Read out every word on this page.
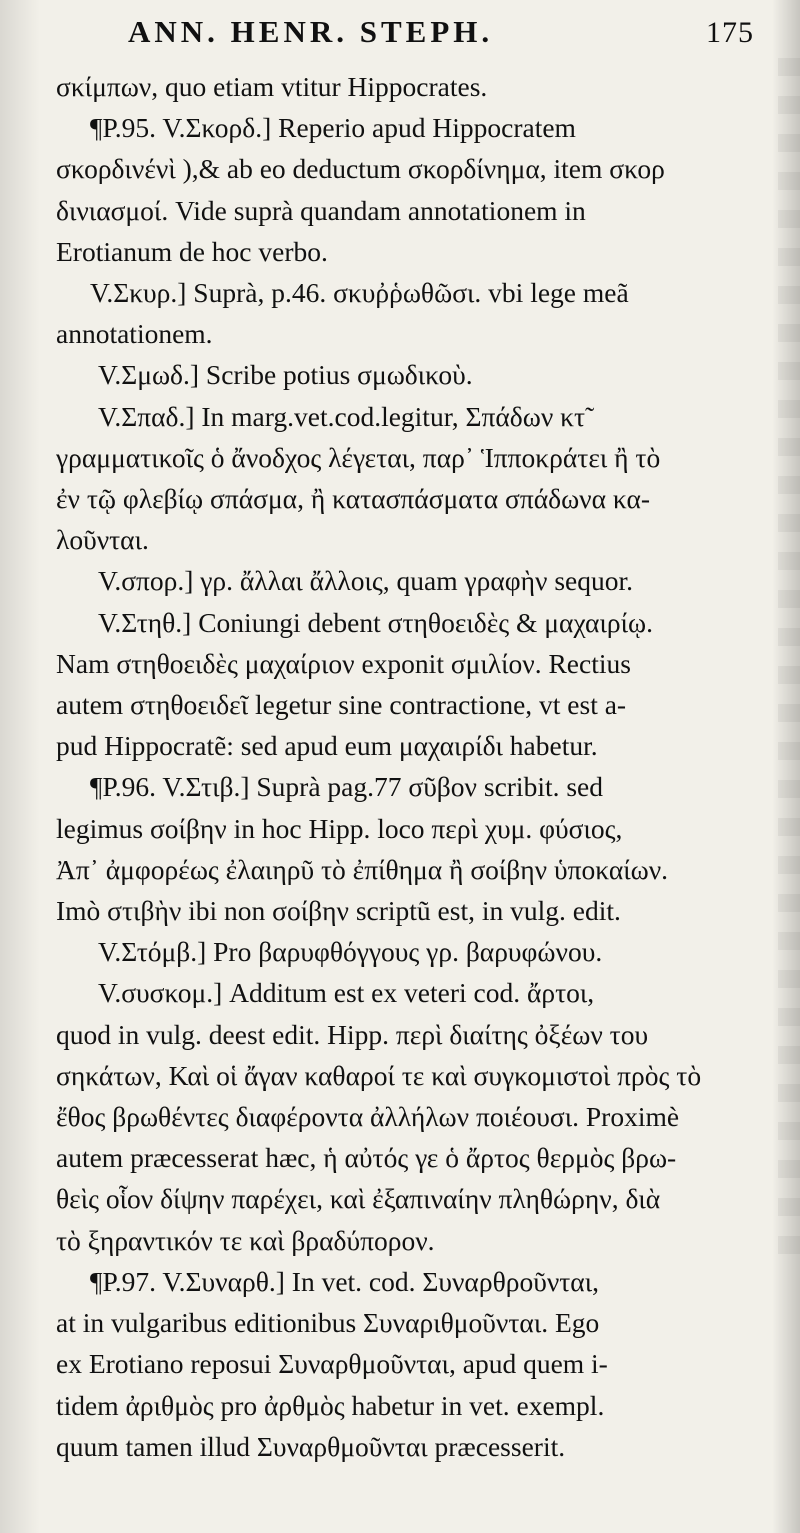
ANN. HENR. STEPH.	175
σκίμπων, quo etiam vtitur Hippocrates.
¶P.95. V.Σκορδ.] Reperio apud Hippocratem
σκορδινένὶ ),& ab eo deductum σκορδίνημα, item σκορ
δινιασμοί. Vide suprà quandam annotationem in
Erotianum de hoc verbo.
V.Σκυρ.] Suprà, p.46. σκυῤῥωθῶσι. vbi lege meã
annotationem.
V.Σμωδ.] Scribe potius σμωδικοὺ.
V.Σπαδ.] In marg.vet.cod.legitur, Σπάδων κτ̃
γραμματικοῖς ὁ ἄνοδχος λέγεται, παρ᾽ Ἱπποκράτει ἢ τὸ
ἐν τῷ φλεβίῳ σπάσμα, ἢ κατασπάσματα σπάδωνα κα-
λοῦνται.
V.σπορ.] γρ. ἄλλαι ἄλλοις, quam γραφὴν sequor.
V.Στηθ.] Coniungi debent στηθοειδὲς & μαχαιρίῳ.
Nam στηθοειδὲς μαχαίριον exponit σμιλίον. Rectius
autem στηθοειδεῖ legetur sine contractione, vt est a-
pud Hippocratẽ: sed apud eum μαχαιρίδι habetur.
¶P.96. V.Στιβ.] Suprà pag.77 σῦβον scribit. sed
legimus σοίβην in hoc Hipp. loco περὶ χυμ. φύσιος,
Ἀπ᾽ ἀμφορέως ἐλαιηρῦ τὸ ἐπίθημα ἢ σοίβην ὑποκαίων.
Imò στιβὴν ibi non σοίβην scriptũ est, in vulg. edit.
V.Στόμβ.] Pro βαρυφθόγγους γρ. βαρυφώνου.
V.συσκομ.] Additum est ex veteri cod. ἄρτοι,
quod in vulg. deest edit. Hipp. περὶ διαίτης ὀξέων του
σηκάτων, Καὶ οἱ ἄγαν καθαροί τε καὶ συγκομιστοὶ πρὸς τὸ
ἔθος βρωθέντες διαφέροντα ἀλλήλων ποιέουσι. Proximè
autem præcesserat hæc, ἡ αὐτός γε ὁ ἄρτος θερμὸς βρω-
θεὶς οἷον δίψην παρέχει, καὶ ἐξαπιναίην πληθώρην, διὰ
τὸ ξηραντικόν τε καὶ βραδύπορον.
¶P.97. V.Συναρθ.] In vet. cod. Συναρθροῦνται,
at in vulgaribus editionibus Συναριθμοῦνται. Ego
ex Erotiano reposui Συναρθμοῦνται, apud quem i-
tidem ἀριθμὸς pro ἀρθμὸς habetur in vet. exempl.
quum tamen illud Συναρθμοῦνται præcesserit.
